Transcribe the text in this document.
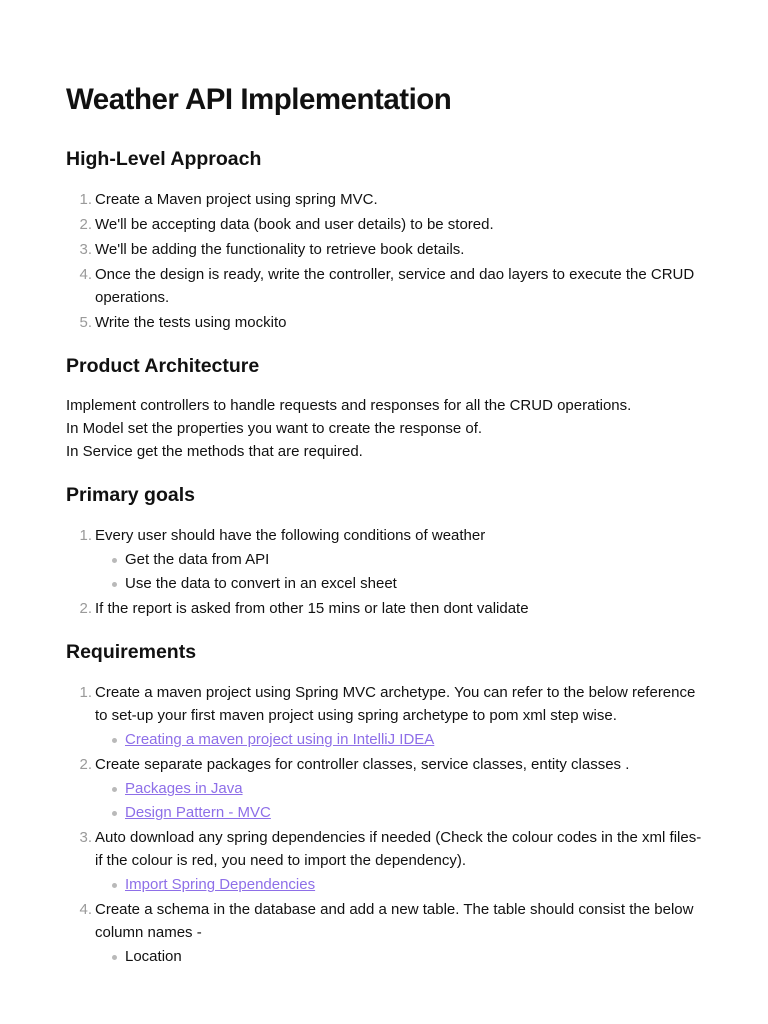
Weather API Implementation
High-Level Approach
1. Create a Maven project using spring MVC.
2. We'll be accepting data (book and user details) to be stored.
3. We'll be adding the functionality to retrieve book details.
4. Once the design is ready, write the controller, service and dao layers to execute the CRUD operations.
5. Write the tests using mockito
Product Architecture

Implement controllers to handle requests and responses for all the CRUD operations.

In Model set the properties you want to create the response of.

In Service get the methods that are required.

Primary goals
1. Every user should have the following conditions of weather
Get the data from API
Use the data to convert in an excel sheet
2. If the report is asked from other 15 mins or late then dont validate
Requirements
1. Create a maven project using Spring MVC archetype. You can refer to the below reference to set-up your first maven project using spring archetype to pom xml step wise.
Creating a maven project using in IntelliJ IDEA
2. Create separate packages for controller classes, service classes, entity classes .
Packages in Java
Design Pattern - MVC
3. Auto download any spring dependencies if needed (Check the colour codes in the xml files- if the colour is red, you need to import the dependency).
Import Spring Dependencies
4. Create a schema in the database and add a new table. The table should consist the below column names -
Location
